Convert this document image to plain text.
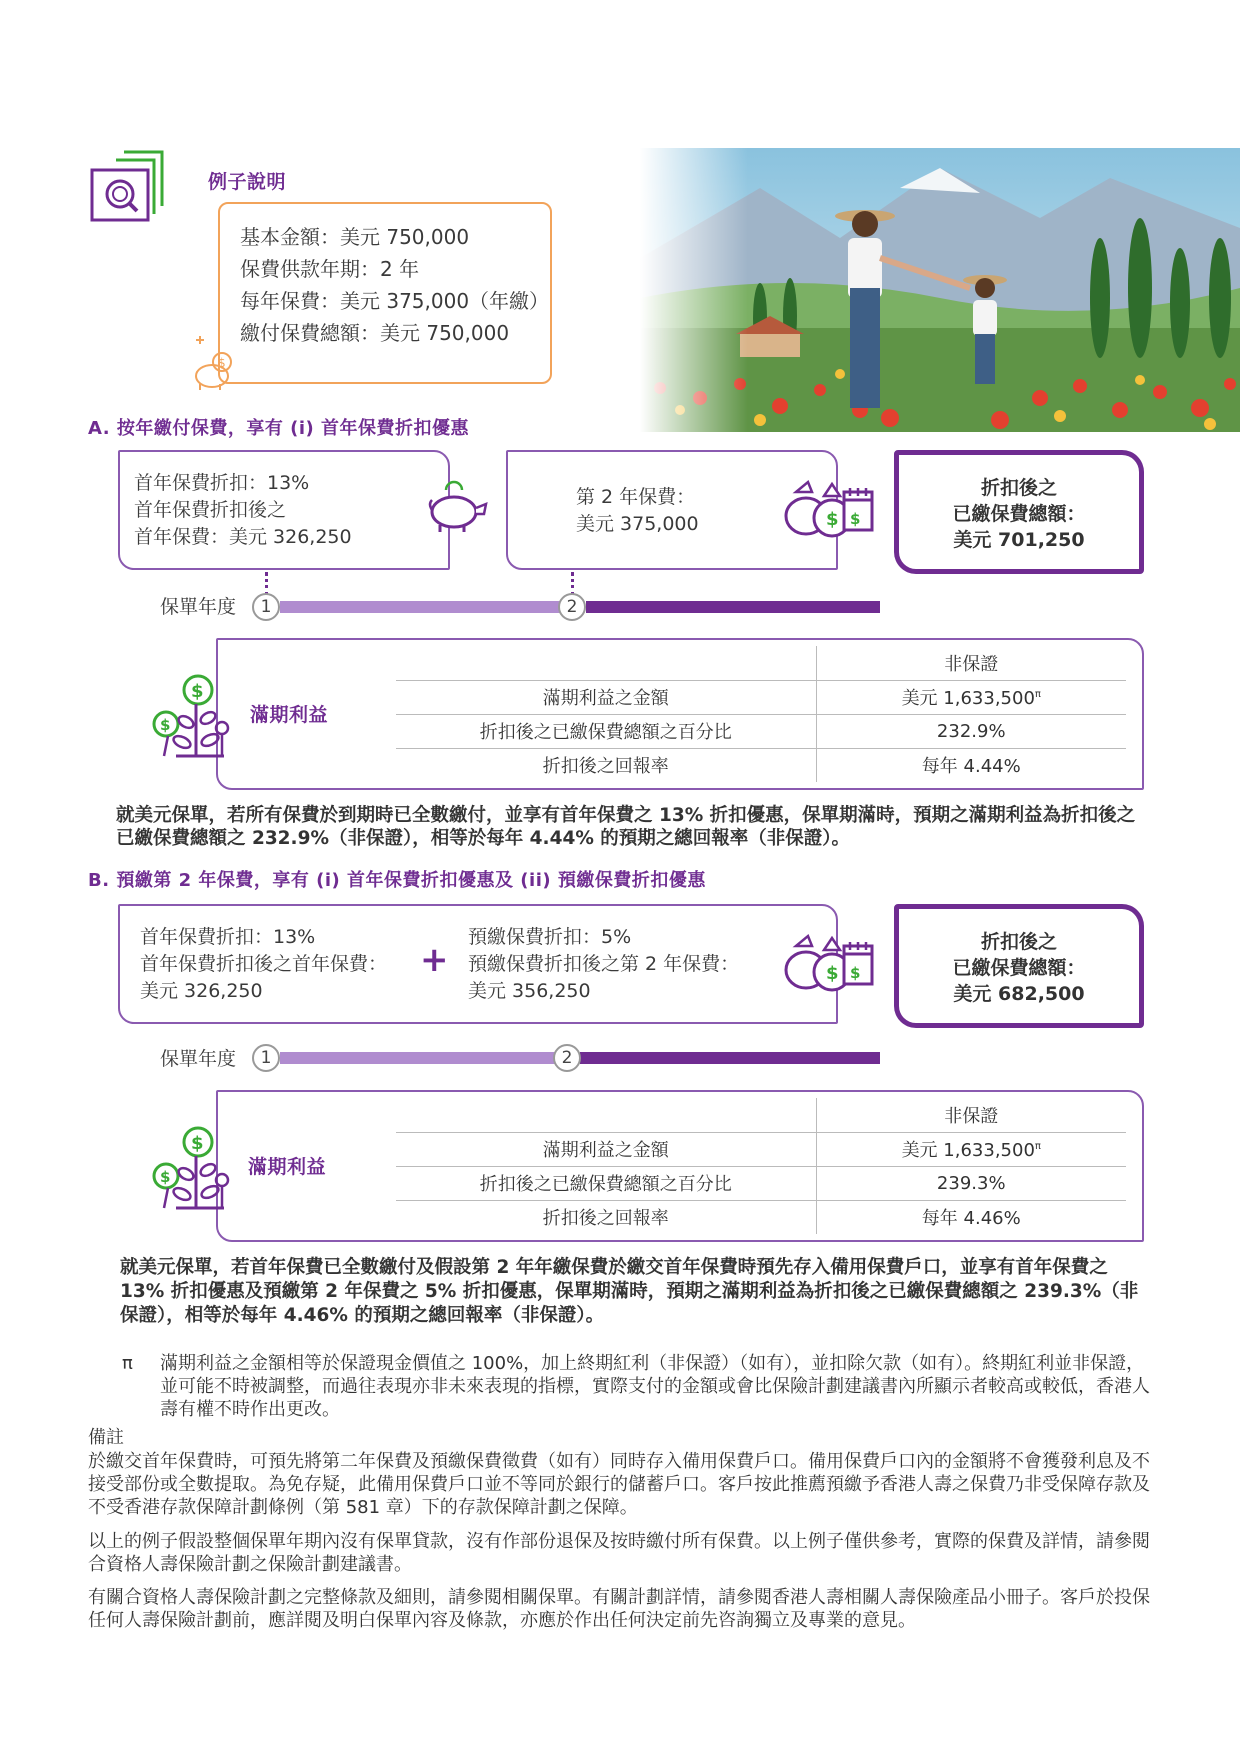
例子說明
基本金額：美元 750,000
保費供款年期：2 年
每年保費：美元 375,000（年繳）
繳付保費總額：美元 750,000
$
A. 按年繳付保費，享有 (i) 首年保費折扣優惠
首年保費折扣：13%
首年保費折扣後之
首年保費：美元 326,250
第 2 年保費：
美元 375,000	$ $
折扣後之
已繳保費總額：
美元 701,250
保單年度	1	2
$
$	滿期利益
	非保證
滿期利益之金額	美元 $1,633,500^\pi$
折扣後之已繳保費總額之百分比	232.9%
折扣後之回報率	每年 4.44%
就美元保單，若所有保費於到期時已全數繳付，並享有首年保費之 13% 折扣優惠，保單期滿時，預期之滿期利益為折扣後之已繳保費總額之 232.9%（非保證），相等於每年 4.44% 的預期之總回報率（非保證）。
B. 預繳第 2 年保費，享有 (i) 首年保費折扣優惠及 (ii) 預繳保費折扣優惠
首年保費折扣：13%
首年保費折扣後之首年保費：
美元 326,250
+
預繳保費折扣：5%
預繳保費折扣後之第 2 年保費：
美元 356,250
$ $
折扣後之
已繳保費總額：
美元 682,500
保單年度	1	2
$
$	滿期利益
	非保證
滿期利益之金額	美元 $1,633,500^\pi$
折扣後之已繳保費總額之百分比	239.3%
折扣後之回報率	每年 4.46%
就美元保單，若首年保費已全數繳付及假設第 2 年年繳保費於繳交首年保費時預先存入備用保費戶口，並享有首年保費之 13% 折扣優惠及預繳第 2 年保費之 5% 折扣優惠，保單期滿時，預期之滿期利益為折扣後之已繳保費總額之 239.3%（非保證），相等於每年 4.46% 的預期之總回報率（非保證）。
π 滿期利益之金額相等於保證現金價值之 100%，加上終期紅利（非保證）（如有），並扣除欠款（如有）。終期紅利並非保證，並可能不時被調整，而過往表現亦非未來表現的指標，實際支付的金額或會比保險計劃建議書內所顯示者較高或較低，香港人壽有權不時作出更改。
備註
於繳交首年保費時，可預先將第二年保費及預繳保費徵費（如有）同時存入備用保費戶口。備用保費戶口內的金額將不會獲發利息及不接受部份或全數提取。為免存疑，此備用保費戶口並不等同於銀行的儲蓄戶口。客戶按此推薦預繳予香港人壽之保費乃非受保障存款及不受香港存款保障計劃條例（第 581 章）下的存款保障計劃之保障。
以上的例子假設整個保單年期內沒有保單貸款，沒有作部份退保及按時繳付所有保費。以上例子僅供參考，實際的保費及詳情，請參閱合資格人壽保險計劃之保險計劃建議書。
有關合資格人壽保險計劃之完整條款及細則，請參閱相關保單。有關計劃詳情，請參閱香港人壽相關人壽保險產品小冊子。客戶於投保任何人壽保險計劃前，應詳閱及明白保單內容及條款，亦應於作出任何決定前先咨詢獨立及專業的意見。
